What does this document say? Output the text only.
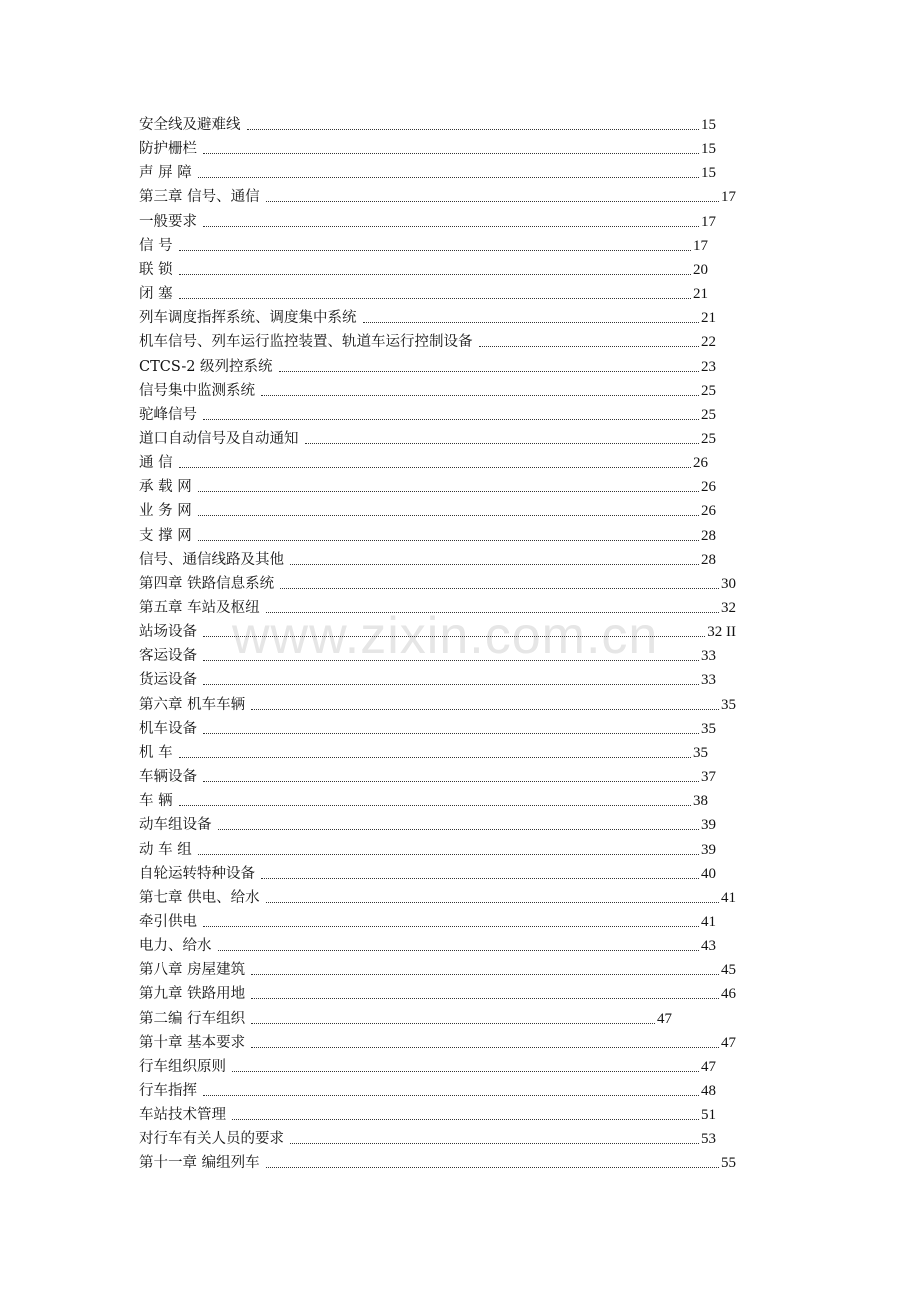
www.zixin.com.cn
安全线及避难线	15
防护栅栏	15
声 屏 障	15
第三章 信号、通信	17
一般要求	17
信 号	17
联 锁	20
闭 塞	21
列车调度指挥系统、调度集中系统	21
机车信号、列车运行监控装置、轨道车运行控制设备	22
CTCS-2 级列控系统	23
信号集中监测系统	25
驼峰信号	25
道口自动信号及自动通知	25
通 信	26
承 载 网	26
业 务 网	26
支 撑 网	28
信号、通信线路及其他	28
第四章 铁路信息系统	30
第五章 车站及枢纽	32
站场设备	32 II
客运设备	33
货运设备	33
第六章 机车车辆	35
机车设备	35
机 车	35
车辆设备	37
车 辆	38
动车组设备	39
动 车 组	39
自轮运转特种设备	40
第七章 供电、给水	41
牵引供电	41
电力、给水	43
第八章 房屋建筑	45
第九章 铁路用地	46
第二编 行车组织	47
第十章 基本要求	47
行车组织原则	47
行车指挥	48
车站技术管理	51
对行车有关人员的要求	53
第十一章 编组列车	55
